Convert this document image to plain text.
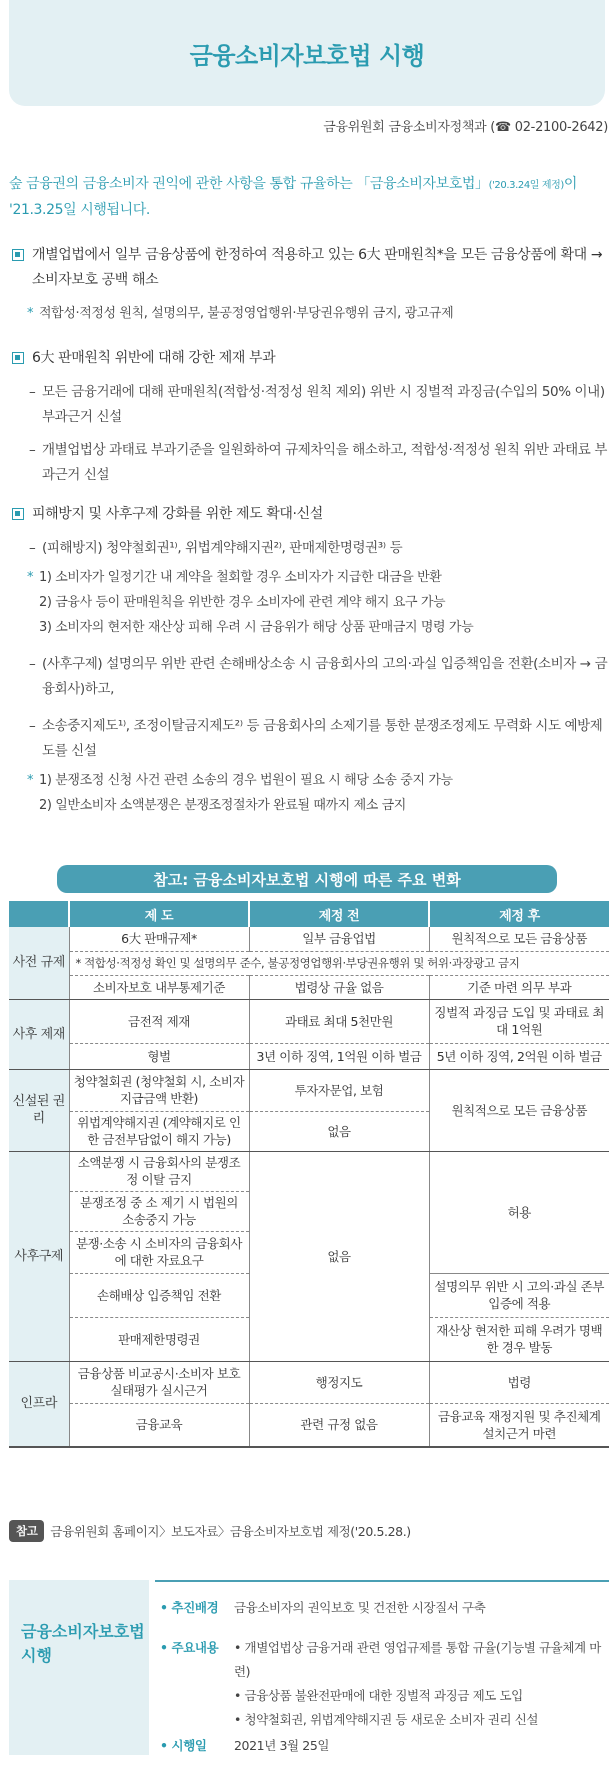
금융소비자보호법 시행
금융위원회 금융소비자정책과 (☎ 02-2100-2642)
숲 금융권의 금융소비자 권익에 관한 사항을 통합 규율하는 「금융소비자보호법」('20.3.24일 제정)이 '21.3.25일 시행됩니다.
개별업법에서 일부 금융상품에 한정하여 적용하고 있는 6大 판매원칙*을 모든 금융상품에 확대 → 소비자보호 공백 해소
* 적합성·적정성 원칙, 설명의무, 불공정영업행위·부당권유행위 금지, 광고규제
6大 판매원칙 위반에 대해 강한 제재 부과
– 모든 금융거래에 대해 판매원칙(적합성·적정성 원칙 제외) 위반 시 징벌적 과징금(수입의 50% 이내) 부과근거 신설
– 개별업법상 과태료 부과기준을 일원화하여 규제차익을 해소하고, 적합성·적정성 원칙 위반 과태료 부과근거 신설
피해방지 및 사후구제 강화를 위한 제도 확대·신설
– (피해방지) 청약철회권¹⁾, 위법계약해지권²⁾, 판매제한명령권³⁾ 등
* 1) 소비자가 일정기간 내 계약을 철회할 경우 소비자가 지급한 대금을 반환
2) 금융사 등이 판매원칙을 위반한 경우 소비자에 관련 계약 해지 요구 가능
3) 소비자의 현저한 재산상 피해 우려 시 금융위가 해당 상품 판매금지 명령 가능
– (사후구제) 설명의무 위반 관련 손해배상소송 시 금융회사의 고의·과실 입증책임을 전환(소비자 → 금융회사)하고,
– 소송중지제도¹⁾, 조정이탈금지제도²⁾ 등 금융회사의 소제기를 통한 분쟁조정제도 무력화 시도 예방제도를 신설
* 1) 분쟁조정 신청 사건 관련 소송의 경우 법원이 필요 시 해당 소송 중지 가능
2) 일반소비자 소액분쟁은 분쟁조정절차가 완료될 때까지 제소 금지
참고: 금융소비자보호법 시행에 따른 주요 변화
	제 도	제정 전	제정 후
사전 규제	6大 판매규제*	일부 금융업법	원칙적으로 모든 금융상품
	* 적합성·적정성 확인 및 설명의무 준수, 불공정영업행위·부당권유행위 및 허위·과장광고 금지		
	소비자보호 내부통제기준	법령상 규율 없음	기준 마련 의무 부과
사후 제재	금전적 제재	과태료 최대 5천만원	징벌적 과징금 도입 및 과태료 최대 1억원
	형벌	3년 이하 징역, 1억원 이하 벌금	5년 이하 징역, 2억원 이하 벌금
신설된 권리	청약철회권 (청약철회 시, 소비자 지급금액 반환)	투자자문업, 보험	원칙적으로 모든 금융상품
	위법계약해지권 (계약해지로 인한 금전부담없이 해지 가능)	없음	
사후구제	소액분쟁 시 금융회사의 분쟁조정 이탈 금지	없음	허용
	분쟁조정 중 소 제기 시 법원의 소송중지 가능		
	분쟁·소송 시 소비자의 금융회사에 대한 자료요구		
	손해배상 입증책임 전환		설명의무 위반 시 고의·과실 존부 입증에 적용
	판매제한명령권		재산상 현저한 피해 우려가 명백한 경우 발동
인프라	금융상품 비교공시·소비자 보호실태평가 실시근거	행정지도	법령
	금융교육	관련 규정 없음	금융교육 재정지원 및 추진체계 설치근거 마련
참고	금융위원회 홈페이지〉보도자료〉금융소비자보호법 제정('20.5.28.)
금융소비자보호법 시행
• 추진배경	금융소비자의 권익보호 및 건전한 시장질서 구축
• 주요내용	• 개별업법상 금융거래 관련 영업규제를 통합 규율(기능별 규율체계 마련)
• 금융상품 불완전판매에 대한 징벌적 과징금 제도 도입
• 청약철회권, 위법계약해지권 등 새로운 소비자 권리 신설
• 시행일	2021년 3월 25일
